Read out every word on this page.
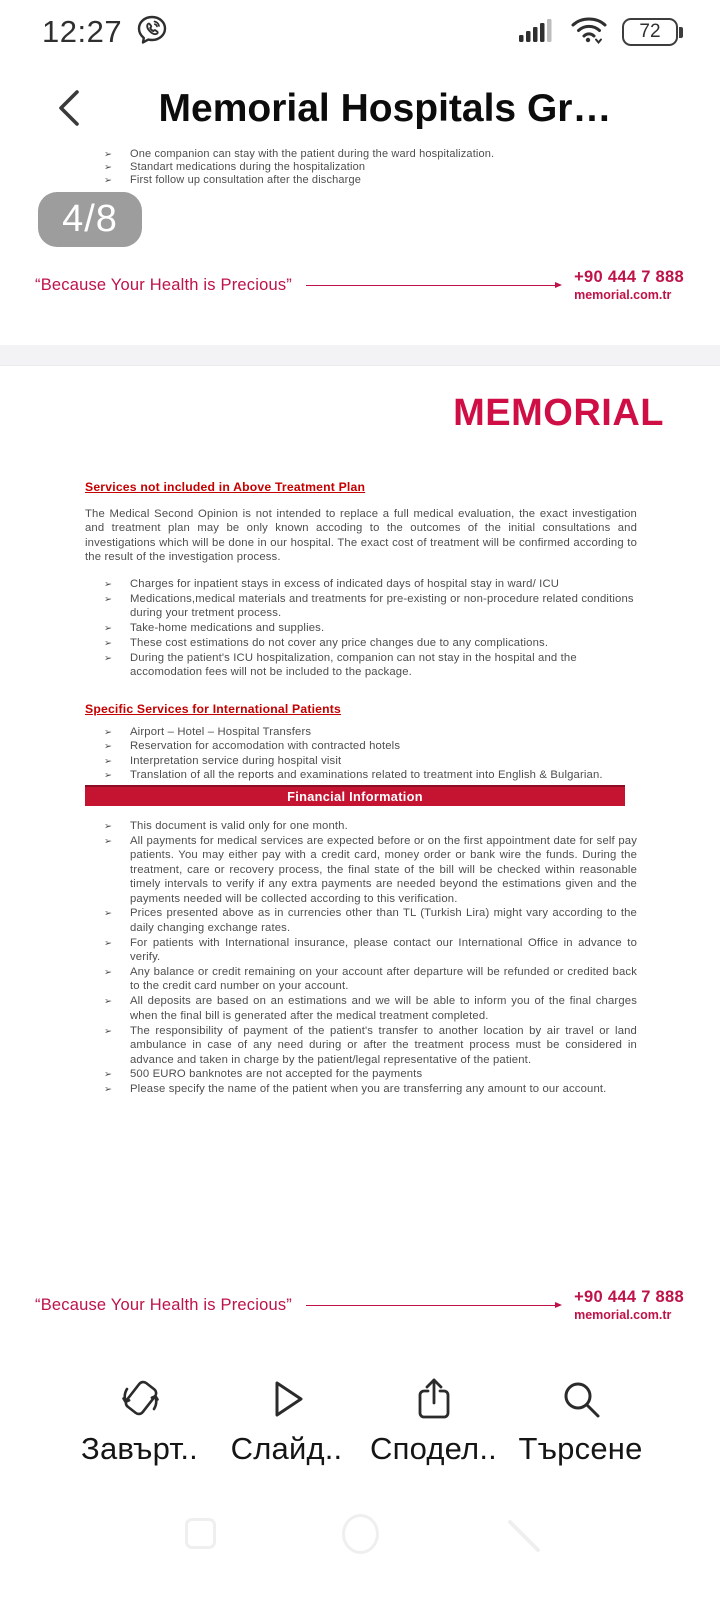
12:27	72
Memorial Hospitals Gr…
➢ One companion can stay with the patient during the ward hospitalization.
➢ Standart medications during the hospitalization
➢ First follow up consultation after the discharge
4/8
“Because Your Health is Precious”	+90 444 7 888
memorial.com.tr
MEMORIAL
Services not included in Above Treatment Plan

The Medical Second Opinion is not intended to replace a full medical evaluation, the exact investigation and treatment plan may be only known accoding to the outcomes of the initial consultations and investigations which will be done in our hospital. The exact cost of treatment will be confirmed according to the result of the investigation process.

➢ Charges for inpatient stays in excess of indicated days of hospital stay in ward/ ICU
➢ Medications,medical materials and treatments for pre-existing or non-procedure related conditions during your tretment process.
➢ Take-home medications and supplies.
➢ These cost estimations do not cover any price changes due to any complications.
➢ During the patient's ICU hospitalization, companion can not stay in the hospital and the accomodation fees will not be included to the package.
Specific Services for International Patients
➢ Airport – Hotel – Hospital Transfers
➢ Reservation for accomodation with contracted hotels
➢ Interpretation service during hospital visit
➢ Translation of all the reports and examinations related to treatment into English & Bulgarian.
Financial Information
➢ This document is valid only for one month.
➢ All payments for medical services are expected before or on the first appointment date for self pay patients. You may either pay with a credit card, money order or bank wire the funds. During the treatment, care or recovery process, the final state of the bill will be checked within reasonable timely intervals to verify if any extra payments are needed beyond the estimations given and the payments needed will be collected according to this verification.
➢ Prices presented above as in currencies other than TL (Turkish Lira) might vary according to the daily changing exchange rates.
➢ For patients with International insurance, please contact our International Office in advance to verify.
➢ Any balance or credit remaining on your account after departure will be refunded or credited back to the credit card number on your account.
➢ All deposits are based on an estimations and we will be able to inform you of the final charges when the final bill is generated after the medical treatment completed.
➢ The responsibility of payment of the patient's transfer to another location by air travel or land ambulance in case of any need during or after the treatment process must be considered in advance and taken in charge by the patient/legal representative of the patient.
➢ 500 EURO banknotes are not accepted for the payments
➢ Please specify the name of the patient when you are transferring any amount to our account.
“Because Your Health is Precious”	+90 444 7 888
memorial.com.tr
Завърт.. Слайд.. Сподел.. Търсене
